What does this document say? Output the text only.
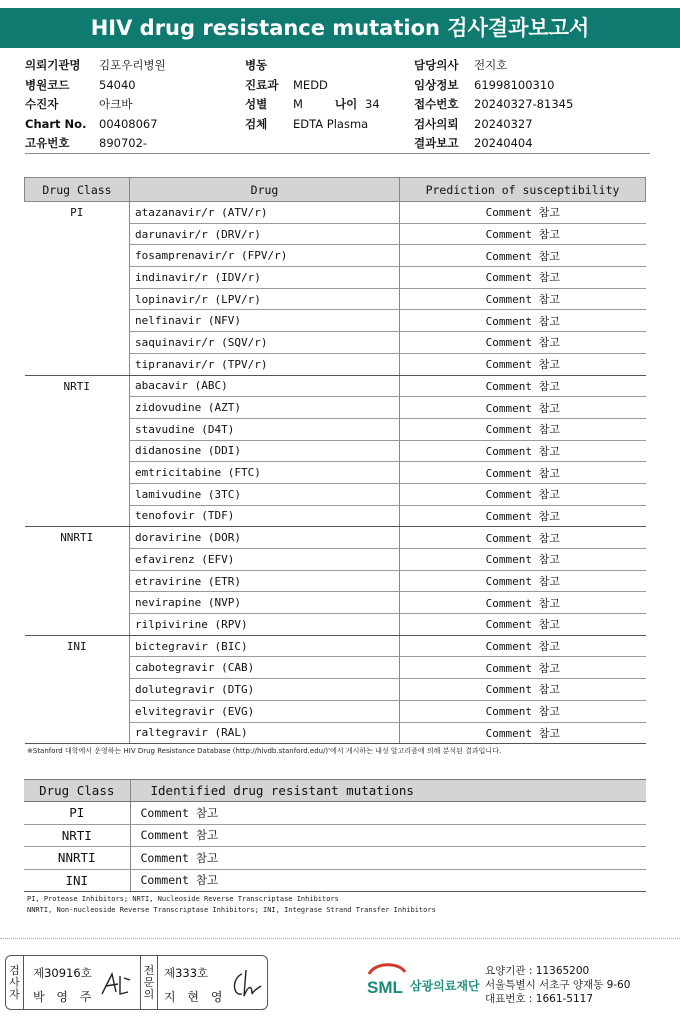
HIV drug resistance mutation 검사결과보고서
의뢰기관명	김포우리병원
병원코드	54040
수진자	아크바
Chart No.	00408067
고유번호	890702-
병동
진료과	MEDD
성별	M	나이 34
검체	EDTA Plasma
담당의사	전지호
임상정보	61998100310
접수번호	20240327-81345
검사의뢰	20240327
결과보고	20240404
Drug Class	Drug	Prediction of susceptibility
PI	atazanavir/r (ATV/r)	Comment 참고
	darunavir/r (DRV/r)	Comment 참고
	fosamprenavir/r (FPV/r)	Comment 참고
	indinavir/r (IDV/r)	Comment 참고
	lopinavir/r (LPV/r)	Comment 참고
	nelfinavir (NFV)	Comment 참고
	saquinavir/r (SQV/r)	Comment 참고
	tipranavir/r (TPV/r)	Comment 참고
NRTI	abacavir (ABC)	Comment 참고
	zidovudine (AZT)	Comment 참고
	stavudine (D4T)	Comment 참고
	didanosine (DDI)	Comment 참고
	emtricitabine (FTC)	Comment 참고
	lamivudine (3TC)	Comment 참고
	tenofovir (TDF)	Comment 참고
NNRTI	doravirine (DOR)	Comment 참고
	efavirenz (EFV)	Comment 참고
	etravirine (ETR)	Comment 참고
	nevirapine (NVP)	Comment 참고
	rilpivirine (RPV)	Comment 참고
INI	bictegravir (BIC)	Comment 참고
	cabotegravir (CAB)	Comment 참고
	dolutegravir (DTG)	Comment 참고
	elvitegravir (EVG)	Comment 참고
	raltegravir (RAL)	Comment 참고
※Stanford 대학에서 운영하는 HIV Drug Resistance Database (http://hivdb.stanford.edu/)'에서 게시하는 내성 알고리즘에 의해 분석된 결과입니다.
Drug Class	Identified drug resistant mutations
PI	Comment 참고
NRTI	Comment 참고
NNRTI	Comment 참고
INI	Comment 참고
PI, Protease Inhibitors; NRTI, Nucleoside Reverse Transcriptase Inhibitors
NNRTI, Non-nucleoside Reverse Transcriptase Inhibitors; INI, Integrase Strand Transfer Inhibitors
검
사
자
제30916호
박 영 주
전
문
의
제333호
지 현 영	SML 삼광의료재단
요양기관 : 11365200
서울특별시 서초구 양재동 9-60
대표번호 : 1661-5117
